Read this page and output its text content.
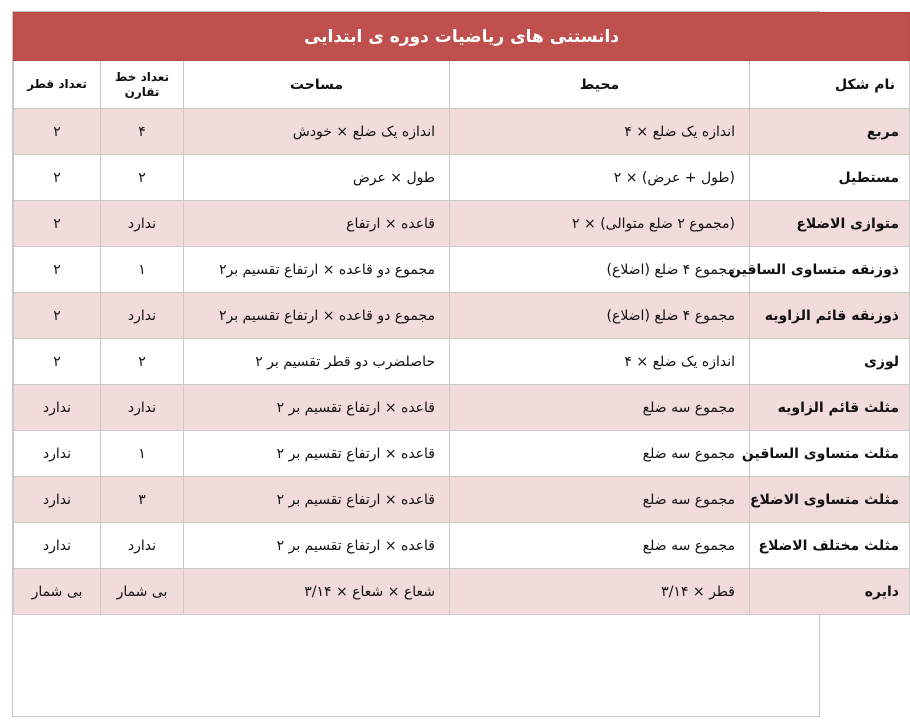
دانستنی های ریاضیات دوره ی ابتدایی				
نام شکل	محیط	مساحت	تعداد خط تقارن	تعداد قطر
مربع	اندازه یک ضلع × ۴	اندازه یک ضلع × خودش	۴	۲
مستطیل	(طول + عرض) × ۲	طول × عرض	۲	۲
متوازی الاضلاع	(مجموع ۲ ضلع متوالی) × ۲	قاعده × ارتفاع	ندارد	۲
ذوزنقه متساوی الساقین	مجموع ۴ ضلع (اضلاع)	مجموع دو قاعده × ارتفاع تقسیم بر۲	۱	۲
ذوزنقه قائم الزاویه	مجموع ۴ ضلع (اضلاع)	مجموع دو قاعده × ارتفاع تقسیم بر۲	ندارد	۲
لوزی	اندازه یک ضلع × ۴	حاصلضرب دو قطر تقسیم بر ۲	۲	۲
مثلث قائم الزاویه	مجموع سه ضلع	قاعده × ارتفاع تقسیم بر ۲	ندارد	ندارد
مثلث متساوی الساقین	مجموع سه ضلع	قاعده × ارتفاع تقسیم بر ۲	۱	ندارد
مثلث متساوی الاضلاع	مجموع سه ضلع	قاعده × ارتفاع تقسیم بر ۲	۳	ندارد
مثلث مختلف الاضلاع	مجموع سه ضلع	قاعده × ارتفاع تقسیم بر ۲	ندارد	ندارد
دایره	قطر × ۳/۱۴	شعاع × شعاع × ۳/۱۴	بی شمار	بی شمار
